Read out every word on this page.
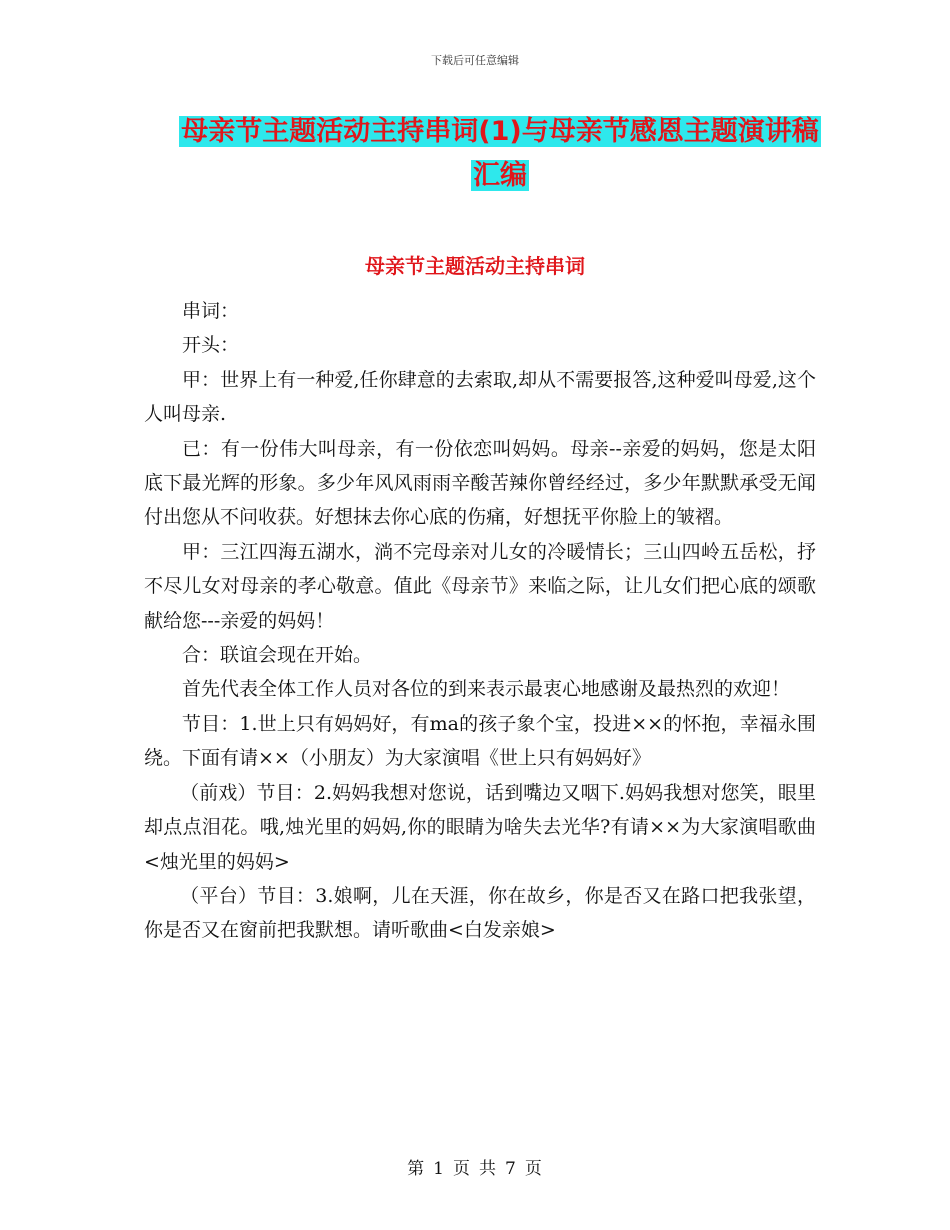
下载后可任意编辑
母亲节主题活动主持串词(1)与母亲节感恩主题演讲稿
汇编
母亲节主题活动主持串词

串词：

开头：

甲：世界上有一种爱,任你肆意的去索取,却从不需要报答,这种爱叫母爱,这个人叫母亲.

已：有一份伟大叫母亲，有一份依恋叫妈妈。母亲--亲爱的妈妈，您是太阳底下最光辉的形象。多少年风风雨雨辛酸苦辣你曾经经过，多少年默默承受无闻付出您从不问收获。好想抹去你心底的伤痛，好想抚平你脸上的皱褶。

甲：三江四海五湖水，淌不完母亲对儿女的冷暖情长；三山四岭五岳松，抒不尽儿女对母亲的孝心敬意。值此《母亲节》来临之际，让儿女们把心底的颂歌献给您---亲爱的妈妈！

合：联谊会现在开始。

首先代表全体工作人员对各位的到来表示最衷心地感谢及最热烈的欢迎！

节目：1.世上只有妈妈好，有ma的孩子象个宝，投进××的怀抱，幸福永围绕。下面有请××（小朋友）为大家演唱《世上只有妈妈好》

（前戏）节目：2.妈妈我想对您说，话到嘴边又咽下.妈妈我想对您笑，眼里却点点泪花。哦,烛光里的妈妈,你的眼睛为啥失去光华?有请××为大家演唱歌曲<烛光里的妈妈>

（平台）节目：3.娘啊，儿在天涯，你在故乡，你是否又在路口把我张望，你是否又在窗前把我默想。请听歌曲<白发亲娘>

第 1 页 共 7 页
